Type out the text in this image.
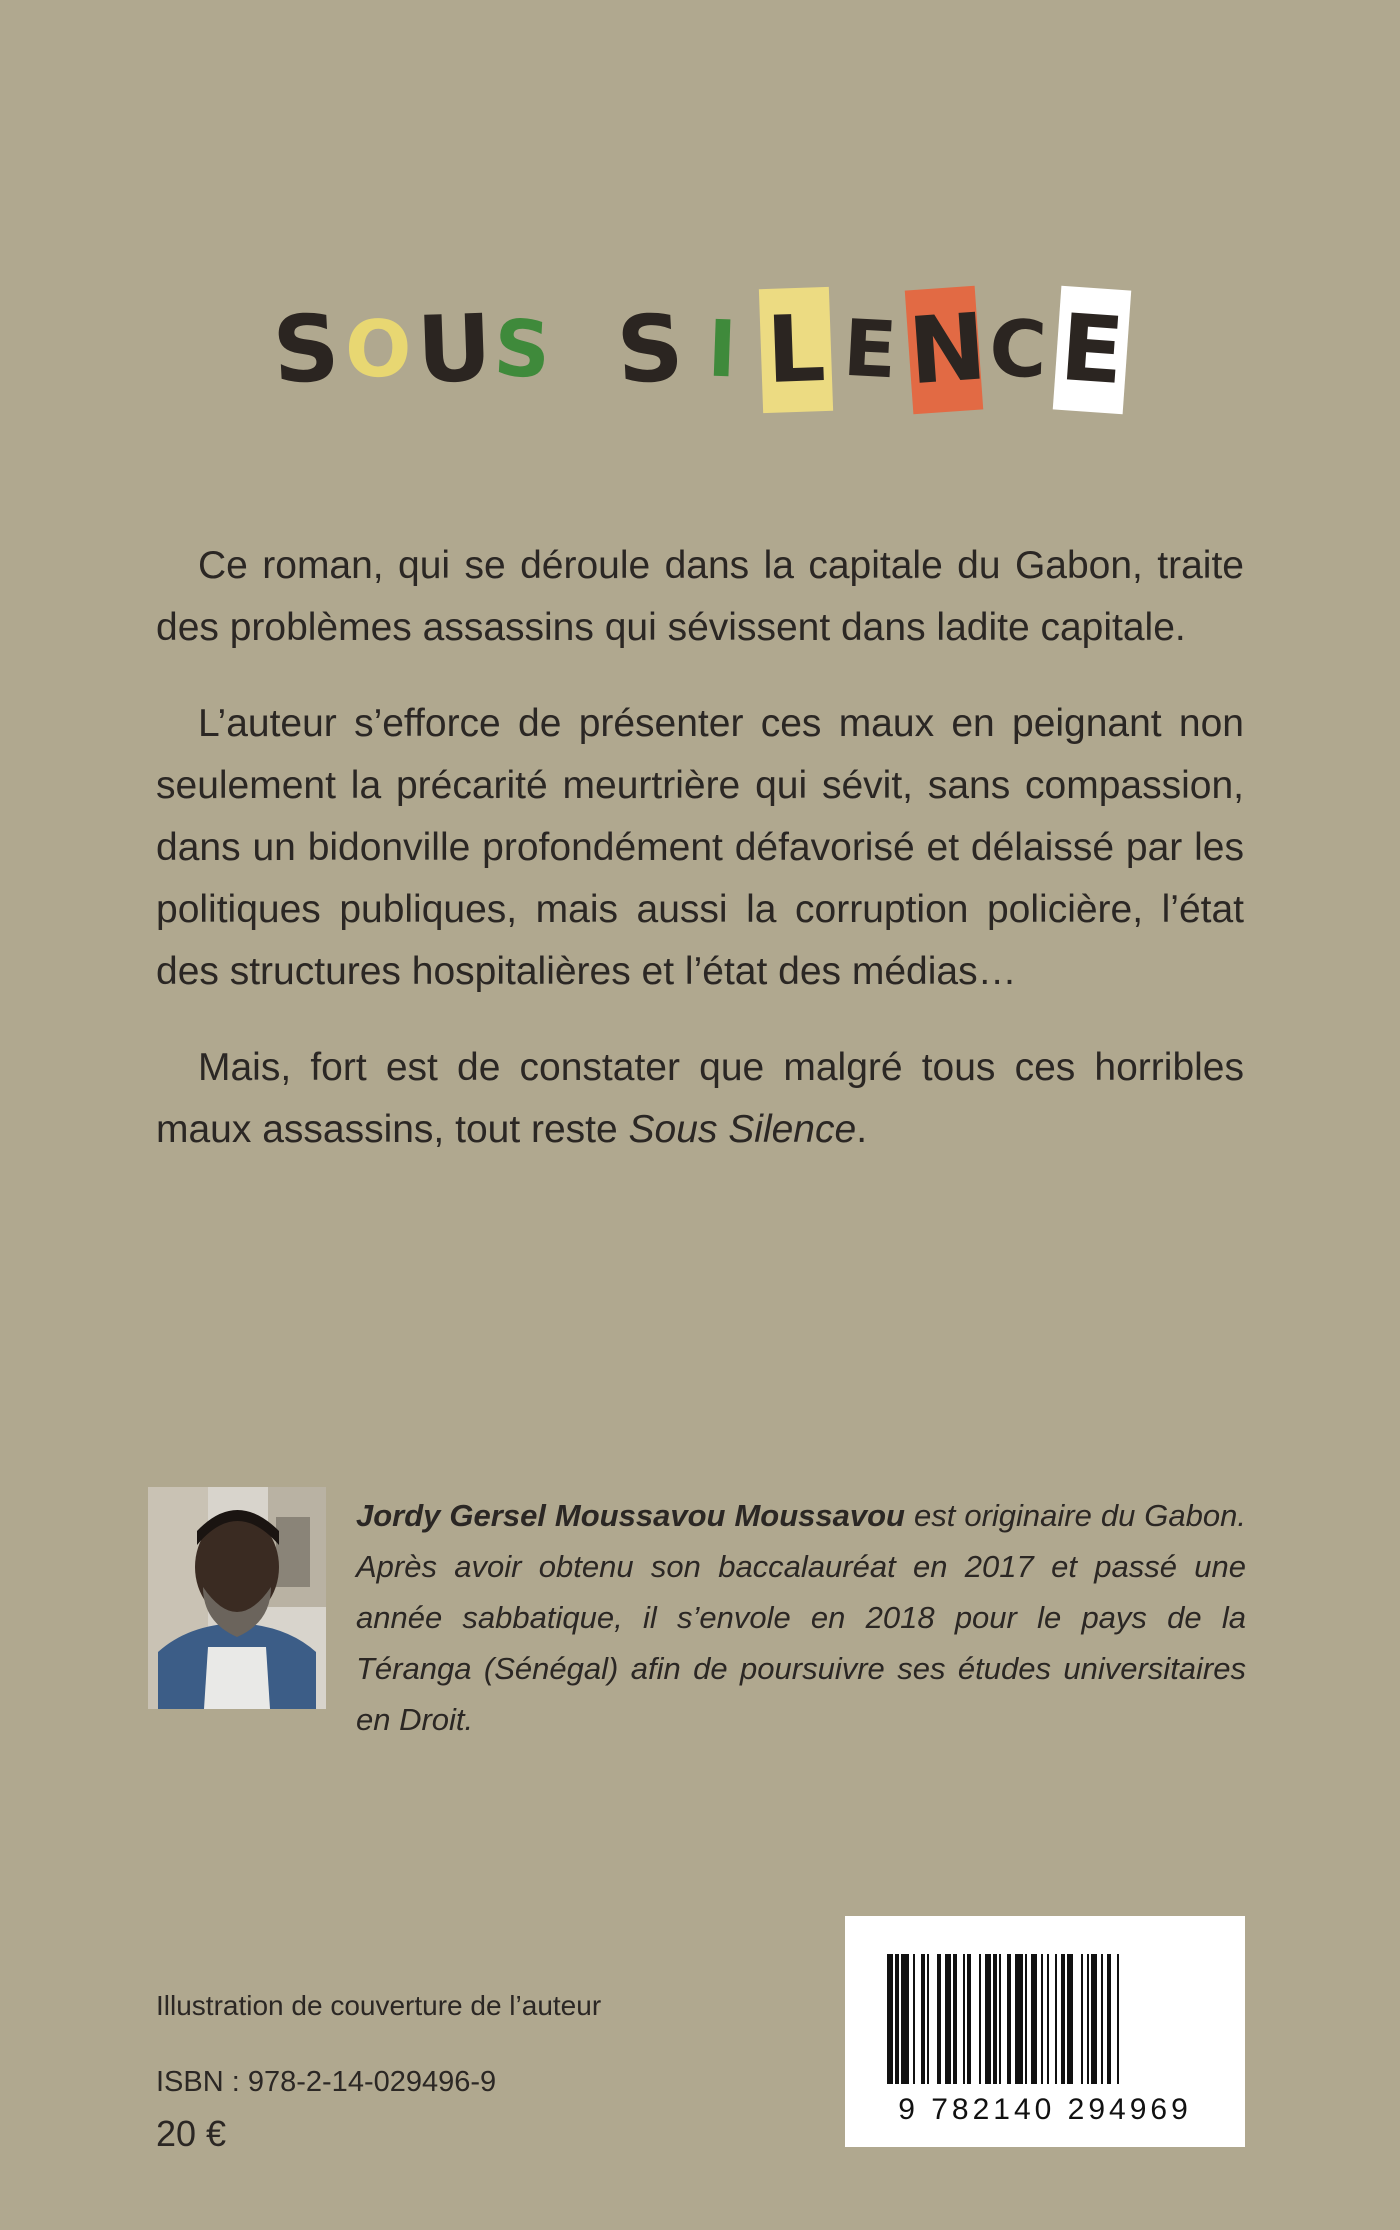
S O U
S S I L E N
C E

Ce roman, qui se déroule dans la capitale du Gabon, traite des problèmes assassins qui sévissent dans ladite capitale.

L’auteur s’efforce de présenter ces maux en peignant non seulement la précarité meurtrière qui sévit, sans compassion, dans un bidonville profondément défavorisé et délaissé par les politiques publiques, mais aussi la corruption policière, l’état des structures hospitalières et l’état des médias…

Mais, fort est de constater que malgré tous ces horribles maux assassins, tout reste Sous Silence.

Jordy Gersel Moussavou Moussavou est originaire du Gabon. Après avoir obtenu son baccalauréat en 2017 et passé une année sabbatique, il s’envole en 2018 pour le pays de la Téranga (Sénégal) afin de poursuivre ses études universitaires en Droit.
Illustration de couverture de l’auteur
ISBN : 978-2-14-029496-9
20 €
9 782140 294969
